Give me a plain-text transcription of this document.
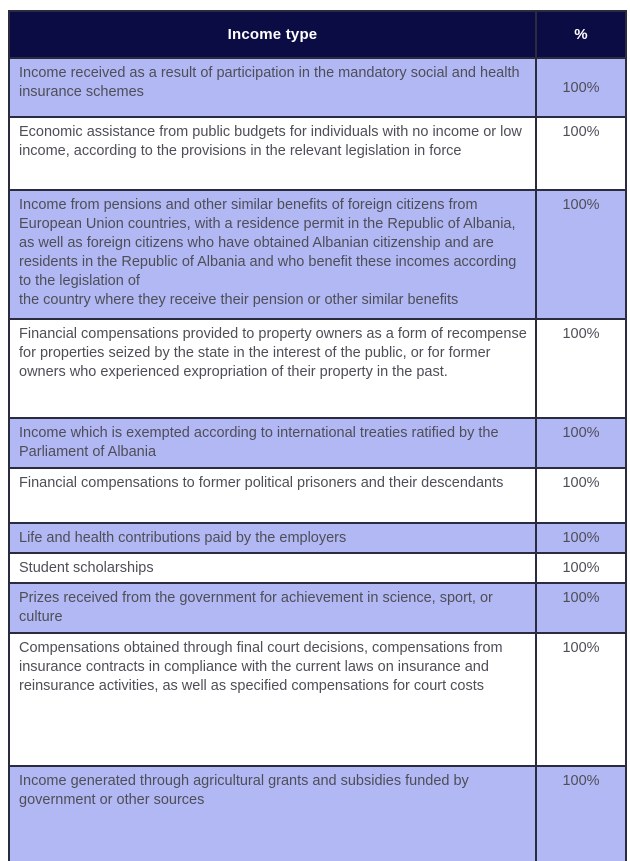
Income type	%
Income received as a result of participation in the mandatory social and health insurance schemes	100%
Economic assistance from public budgets for individuals with no income or low income, according to the provisions in the relevant legislation in force	100%
Income from pensions and other similar benefits of foreign citizens from European Union countries, with a residence permit in the Republic of Albania, as well as foreign citizens who have obtained Albanian citizenship and are residents in the Republic of Albania and who benefit these incomes according to the legislation of
the country where they receive their pension or other similar benefits	100%
Financial compensations provided to property owners as a form of recompense for properties seized by the state in the interest of the public, or for former owners who experienced expropriation of their property in the past.	100%
Income which is exempted according to international treaties ratified by the Parliament of Albania	100%
Financial compensations to former political prisoners and their descendants	100%
Life and health contributions paid by the employers	100%
Student scholarships	100%
Prizes received from the government for achievement in science, sport, or culture	100%
Compensations obtained through final court decisions, compensations from insurance contracts in compliance with the current laws on insurance and reinsurance activities, as well as specified compensations for court costs	100%
Income generated through agricultural grants and subsidies funded by government or other sources	100%
